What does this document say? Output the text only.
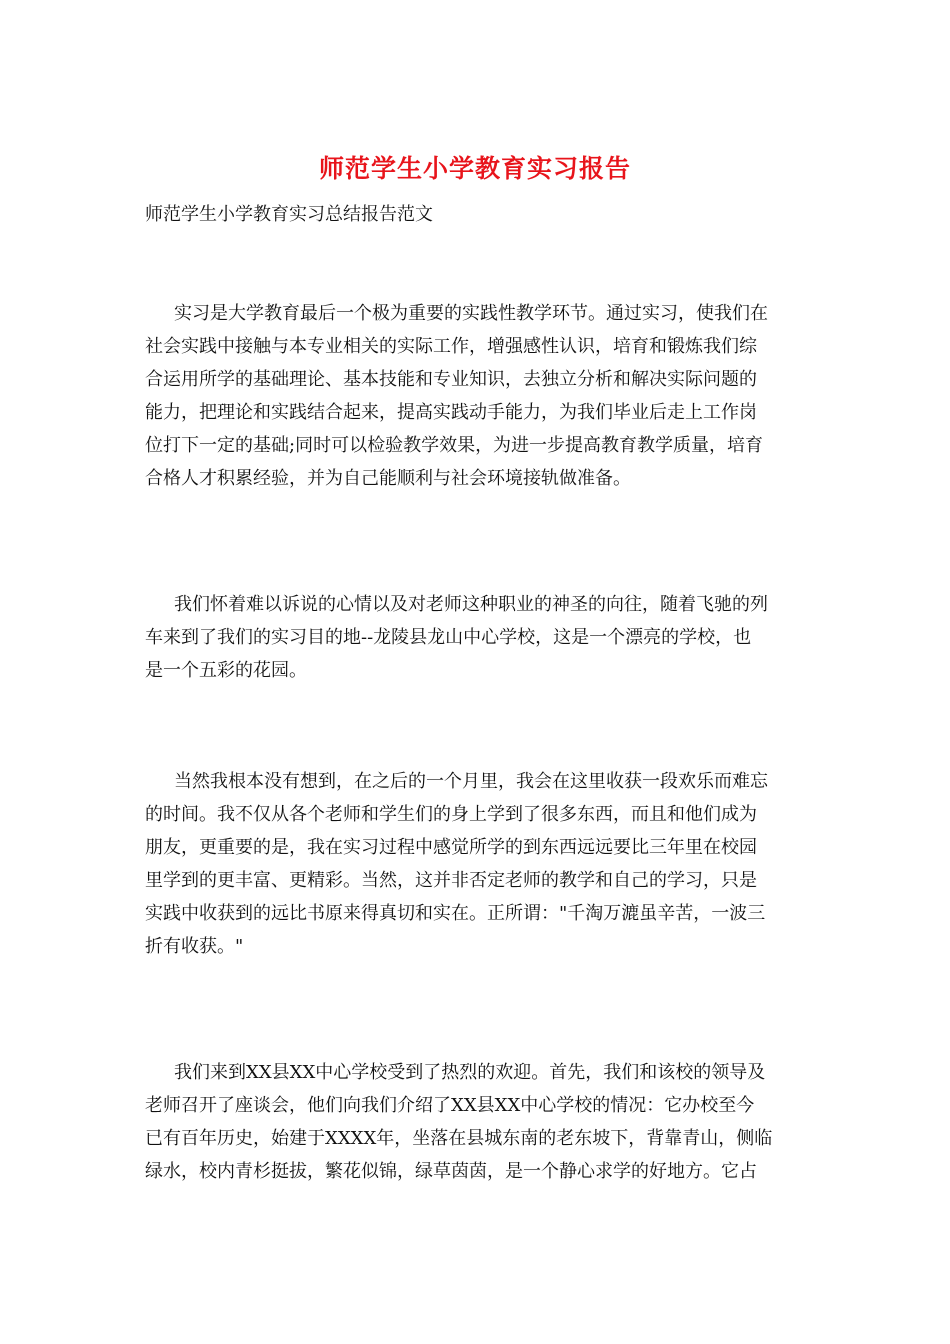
师范学生小学教育实习报告
师范学生小学教育实习总结报告范文
实习是大学教育最后一个极为重要的实践性教学环节。通过实习，使我们在
社会实践中接触与本专业相关的实际工作，增强感性认识，培育和锻炼我们综
合运用所学的基础理论、基本技能和专业知识，去独立分析和解决实际问题的
能力，把理论和实践结合起来，提高实践动手能力，为我们毕业后走上工作岗
位打下一定的基础;同时可以检验教学效果，为进一步提高教育教学质量，培育
合格人才积累经验，并为自己能顺利与社会环境接轨做准备。
我们怀着难以诉说的心情以及对老师这种职业的神圣的向往，随着飞驰的列
车来到了我们的实习目的地--龙陵县龙山中心学校，这是一个漂亮的学校，也
是一个五彩的花园。
当然我根本没有想到，在之后的一个月里，我会在这里收获一段欢乐而难忘
的时间。我不仅从各个老师和学生们的身上学到了很多东西，而且和他们成为
朋友，更重要的是，我在实习过程中感觉所学的到东西远远要比三年里在校园
里学到的更丰富、更精彩。当然，这并非否定老师的教学和自己的学习，只是
实践中收获到的远比书原来得真切和实在。正所谓："千淘万漉虽辛苦，一波三
折有收获。"
我们来到XX县XX中心学校受到了热烈的欢迎。首先，我们和该校的领导及
老师召开了座谈会，他们向我们介绍了XX县XX中心学校的情况：它办校至今
已有百年历史，始建于XXXX年，坐落在县城东南的老东坡下，背靠青山，侧临
绿水，校内青杉挺拔，繁花似锦，绿草茵茵，是一个静心求学的好地方。它占
